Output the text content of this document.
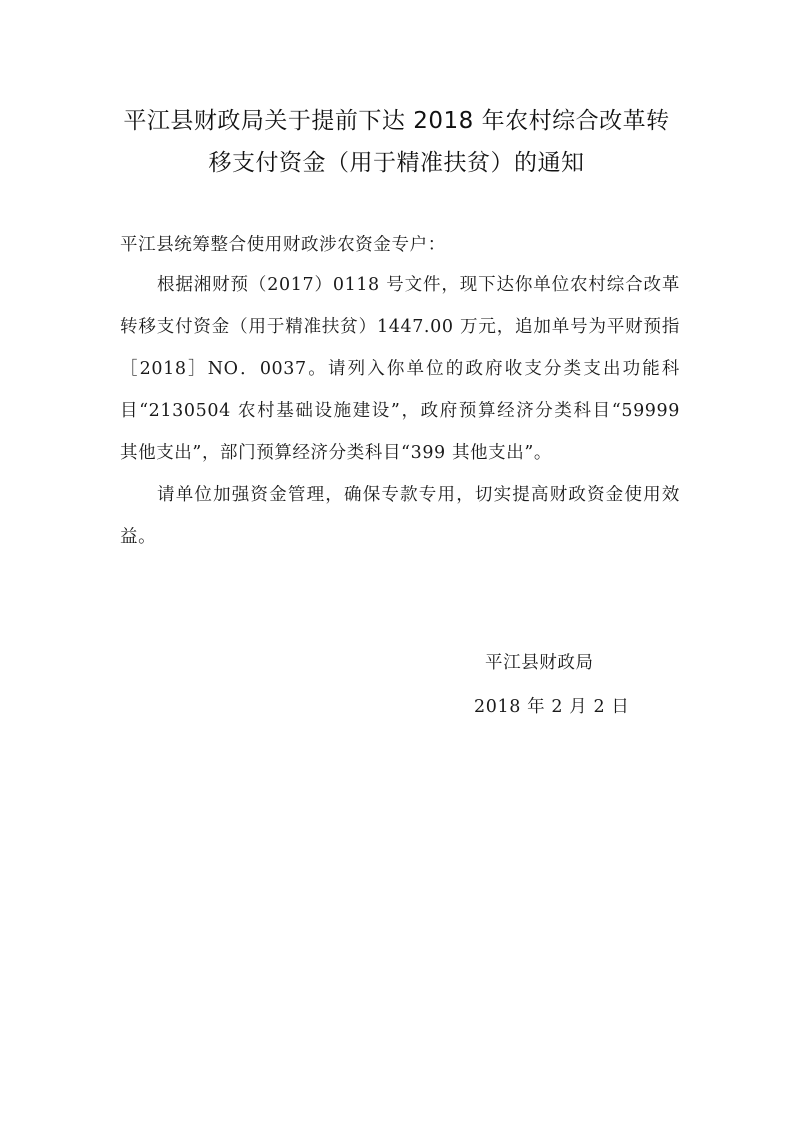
平江县财政局关于提前下达 2018 年农村综合改革转
移支付资金（用于精准扶贫）的通知

平江县统筹整合使用财政涉农资金专户：

根据湘财预（2017）0118 号文件，现下达你单位农村综合改革转移支付资金（用于精准扶贫）1447.00 万元，追加单号为平财预指［2018］NO．0037。请列入你单位的政府收支分类支出功能科目“2130504 农村基础设施建设”，政府预算经济分类科目“59999 其他支出”，部门预算经济分类科目“399 其他支出”。

请单位加强资金管理，确保专款专用，切实提高财政资金使用效益。

平江县财政局

2018 年 2 月 2 日
